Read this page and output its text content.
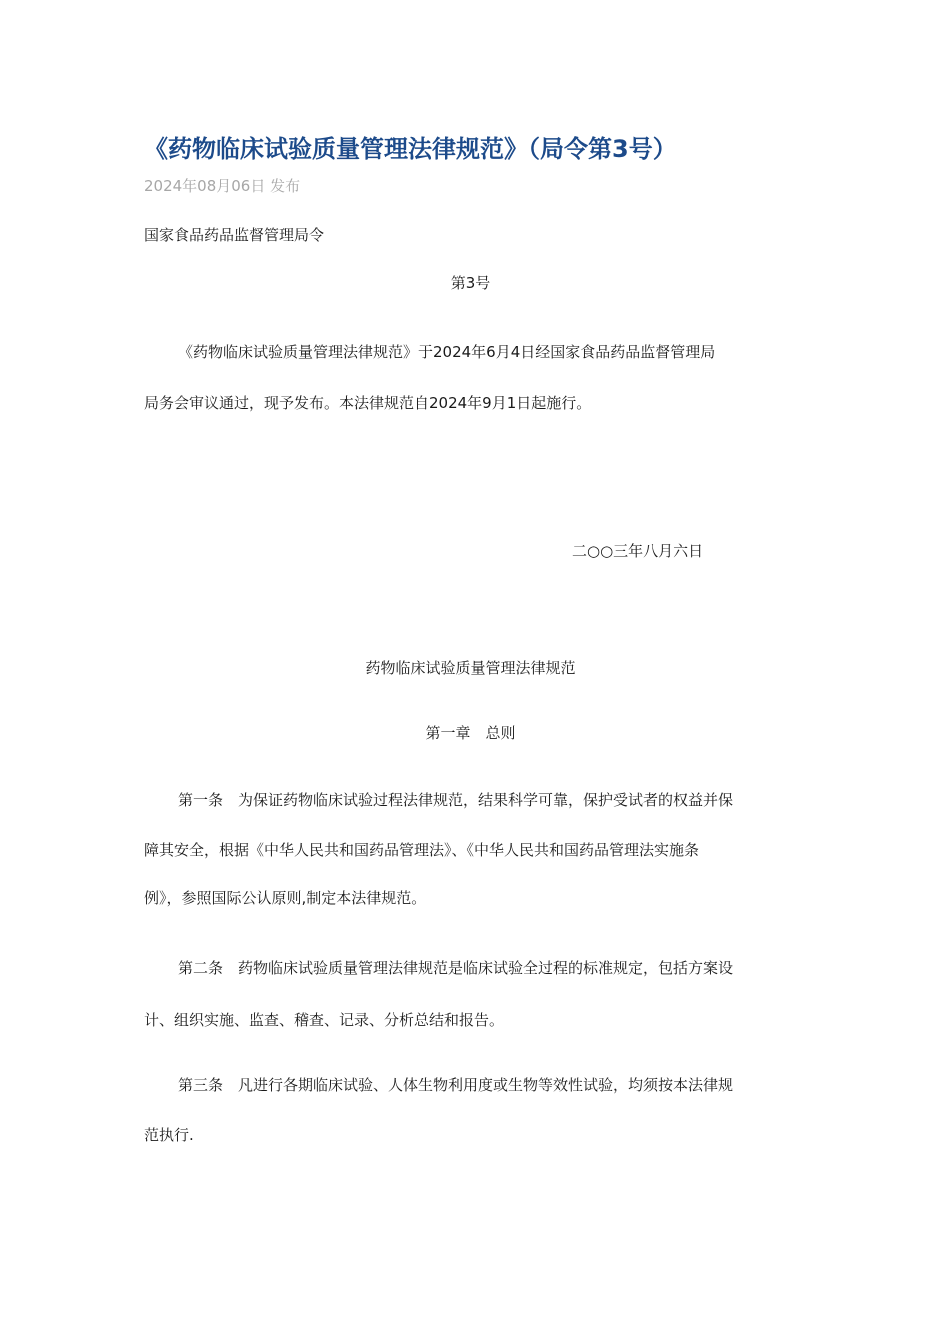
《药物临床试验质量管理法律规范》（局令第3号）
2024年08月06日 发布

国家食品药品监督管理局令

第3号

《药物临床试验质量管理法律规范》于2024年6月4日经国家食品药品监督管理局

局务会审议通过，现予发布。本法律规范自2024年9月1日起施行。

二○○三年八月六日

药物临床试验质量管理法律规范

第一章　总则

第一条　为保证药物临床试验过程法律规范，结果科学可靠，保护受试者的权益并保

障其安全，根据《中华人民共和国药品管理法》、《中华人民共和国药品管理法实施条

例》，参照国际公认原则,制定本法律规范。

第二条　药物临床试验质量管理法律规范是临床试验全过程的标准规定，包括方案设

计、组织实施、监查、稽查、记录、分析总结和报告。

第三条　凡进行各期临床试验、人体生物利用度或生物等效性试验，均须按本法律规

范执行.
